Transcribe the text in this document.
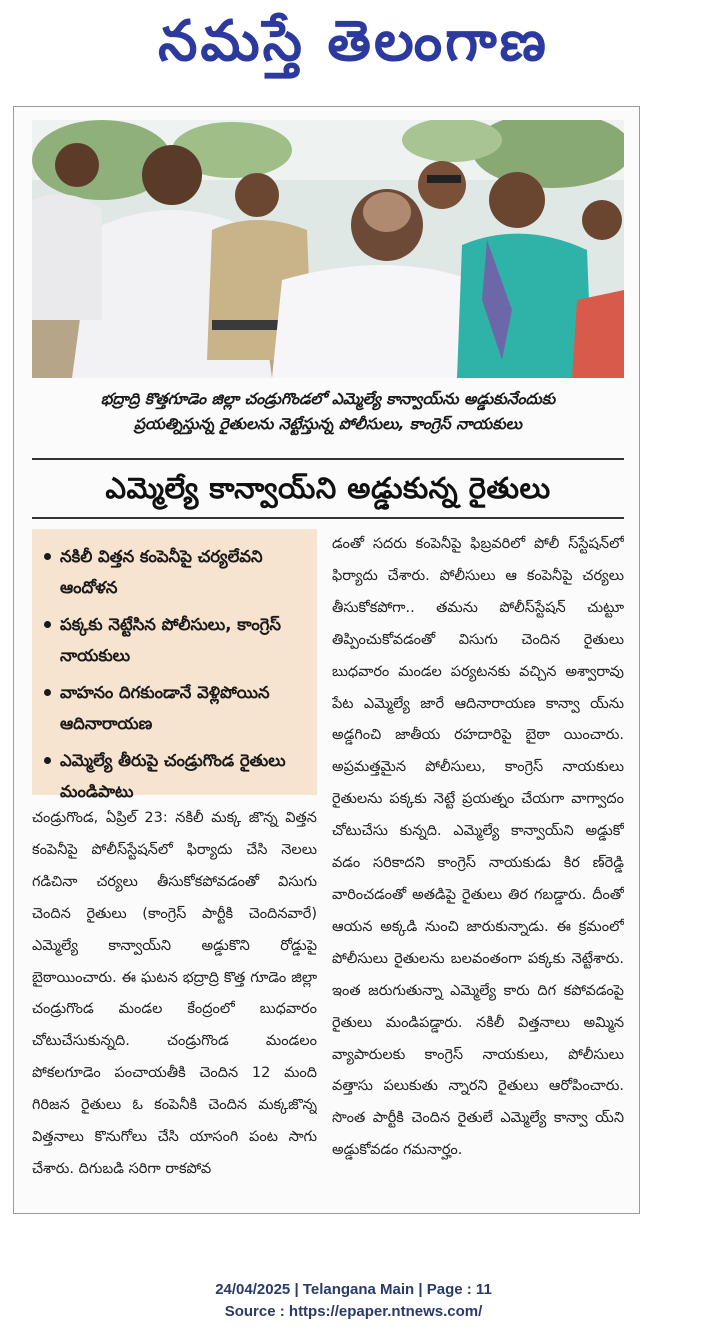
నమస్తే తెలంగాణ
భద్రాద్రి కొత్తగూడెం జిల్లా చండ్రుగొండలో ఎమ్మెల్యే కాన్వాయ్‌ను అడ్డుకునేందుకు
ప్రయత్నిస్తున్న రైతులను నెట్టేస్తున్న పోలీసులు, కాంగ్రెస్ నాయకులు
ఎమ్మెల్యే కాన్వాయ్‌ని అడ్డుకున్న రైతులు
నకిలీ విత్తన కంపెనీపై చర్యలేవని ఆందోళన
పక్కకు నెట్టేసిన పోలీసులు, కాంగ్రెస్ నాయకులు
వాహనం దిగకుండానే వెళ్లిపోయిన ఆదినారాయణ
ఎమ్మెల్యే తీరుపై చండ్రుగొండ రైతులు మండిపాటు
చండ్రుగొండ, ఏప్రిల్ 23: నకిలీ మక్క జొన్న విత్తన కంపెనీపై పోలీస్‌స్టేషన్‌లో ఫిర్యాదు చేసి నెలలు గడిచినా చర్యలు తీసుకోకపోవడంతో విసుగు చెందిన రైతులు (కాంగ్రెస్ పార్టీకి చెందినవారే) ఎమ్మెల్యే కాన్వాయ్‌ని అడ్డుకొని రోడ్డుపై బైఠాయించారు. ఈ ఘటన భద్రాద్రి కొత్త గూడెం జిల్లా చండ్రుగొండ మండల కేంద్రంలో బుధవారం చోటుచేసుకున్నది. చండ్రుగొండ మండలం పోకలగూడెం పంచాయతీకి చెందిన 12 మంది గిరిజన రైతులు ఓ కంపెనీకి చెందిన మక్కజొన్న విత్తనాలు కొనుగోలు చేసి యాసంగి పంట సాగు చేశారు. దిగుబడి సరిగా రాకపోవ
డంతో సదరు కంపెనీపై ఫిబ్రవరిలో పోలీ స్‌స్టేషన్‌లో ఫిర్యాదు చేశారు. పోలీసులు ఆ కంపెనీపై చర్యలు తీసుకోకపోగా.. తమను పోలీస్‌స్టేషన్ చుట్టూ తిప్పించుకోవడంతో విసుగు చెందిన రైతులు బుధవారం మండల పర్యటనకు వచ్చిన అశ్వారావు పేట ఎమ్మెల్యే జారే ఆదినారాయణ కాన్వా య్‌ను అడ్డగించి జాతీయ రహదారిపై బైఠా యించారు. అప్రమత్తమైన పోలీసులు, కాంగ్రెస్ నాయకులు రైతులను పక్కకు నెట్టే ప్రయత్నం చేయగా వాగ్వాదం చోటుచేసు కున్నది. ఎమ్మెల్యే కాన్వాయ్‌ని అడ్డుకో వడం సరికాదని కాంగ్రెస్ నాయకుడు కిర ణ్‌రెడ్డి వారించడంతో అతడిపై రైతులు తిర గబడ్డారు. దీంతో ఆయన అక్కడి నుంచి జారుకున్నాడు. ఈ క్రమంలో పోలీసులు రైతులను బలవంతంగా పక్కకు నెట్టేశారు. ఇంత జరుగుతున్నా ఎమ్మెల్యే కారు దిగ కపోవడంపై రైతులు మండిపడ్డారు. నకిలీ విత్తనాలు అమ్మిన వ్యాపారులకు కాంగ్రెస్ నాయకులు, పోలీసులు వత్తాసు పలుకుతు న్నారని రైతులు ఆరోపించారు. సొంత పార్టీకి చెందిన రైతులే ఎమ్మెల్యే కాన్వా య్‌ని అడ్డుకోవడం గమనార్హం.
24/04/2025 | Telangana Main | Page : 11
Source : https://epaper.ntnews.com/
